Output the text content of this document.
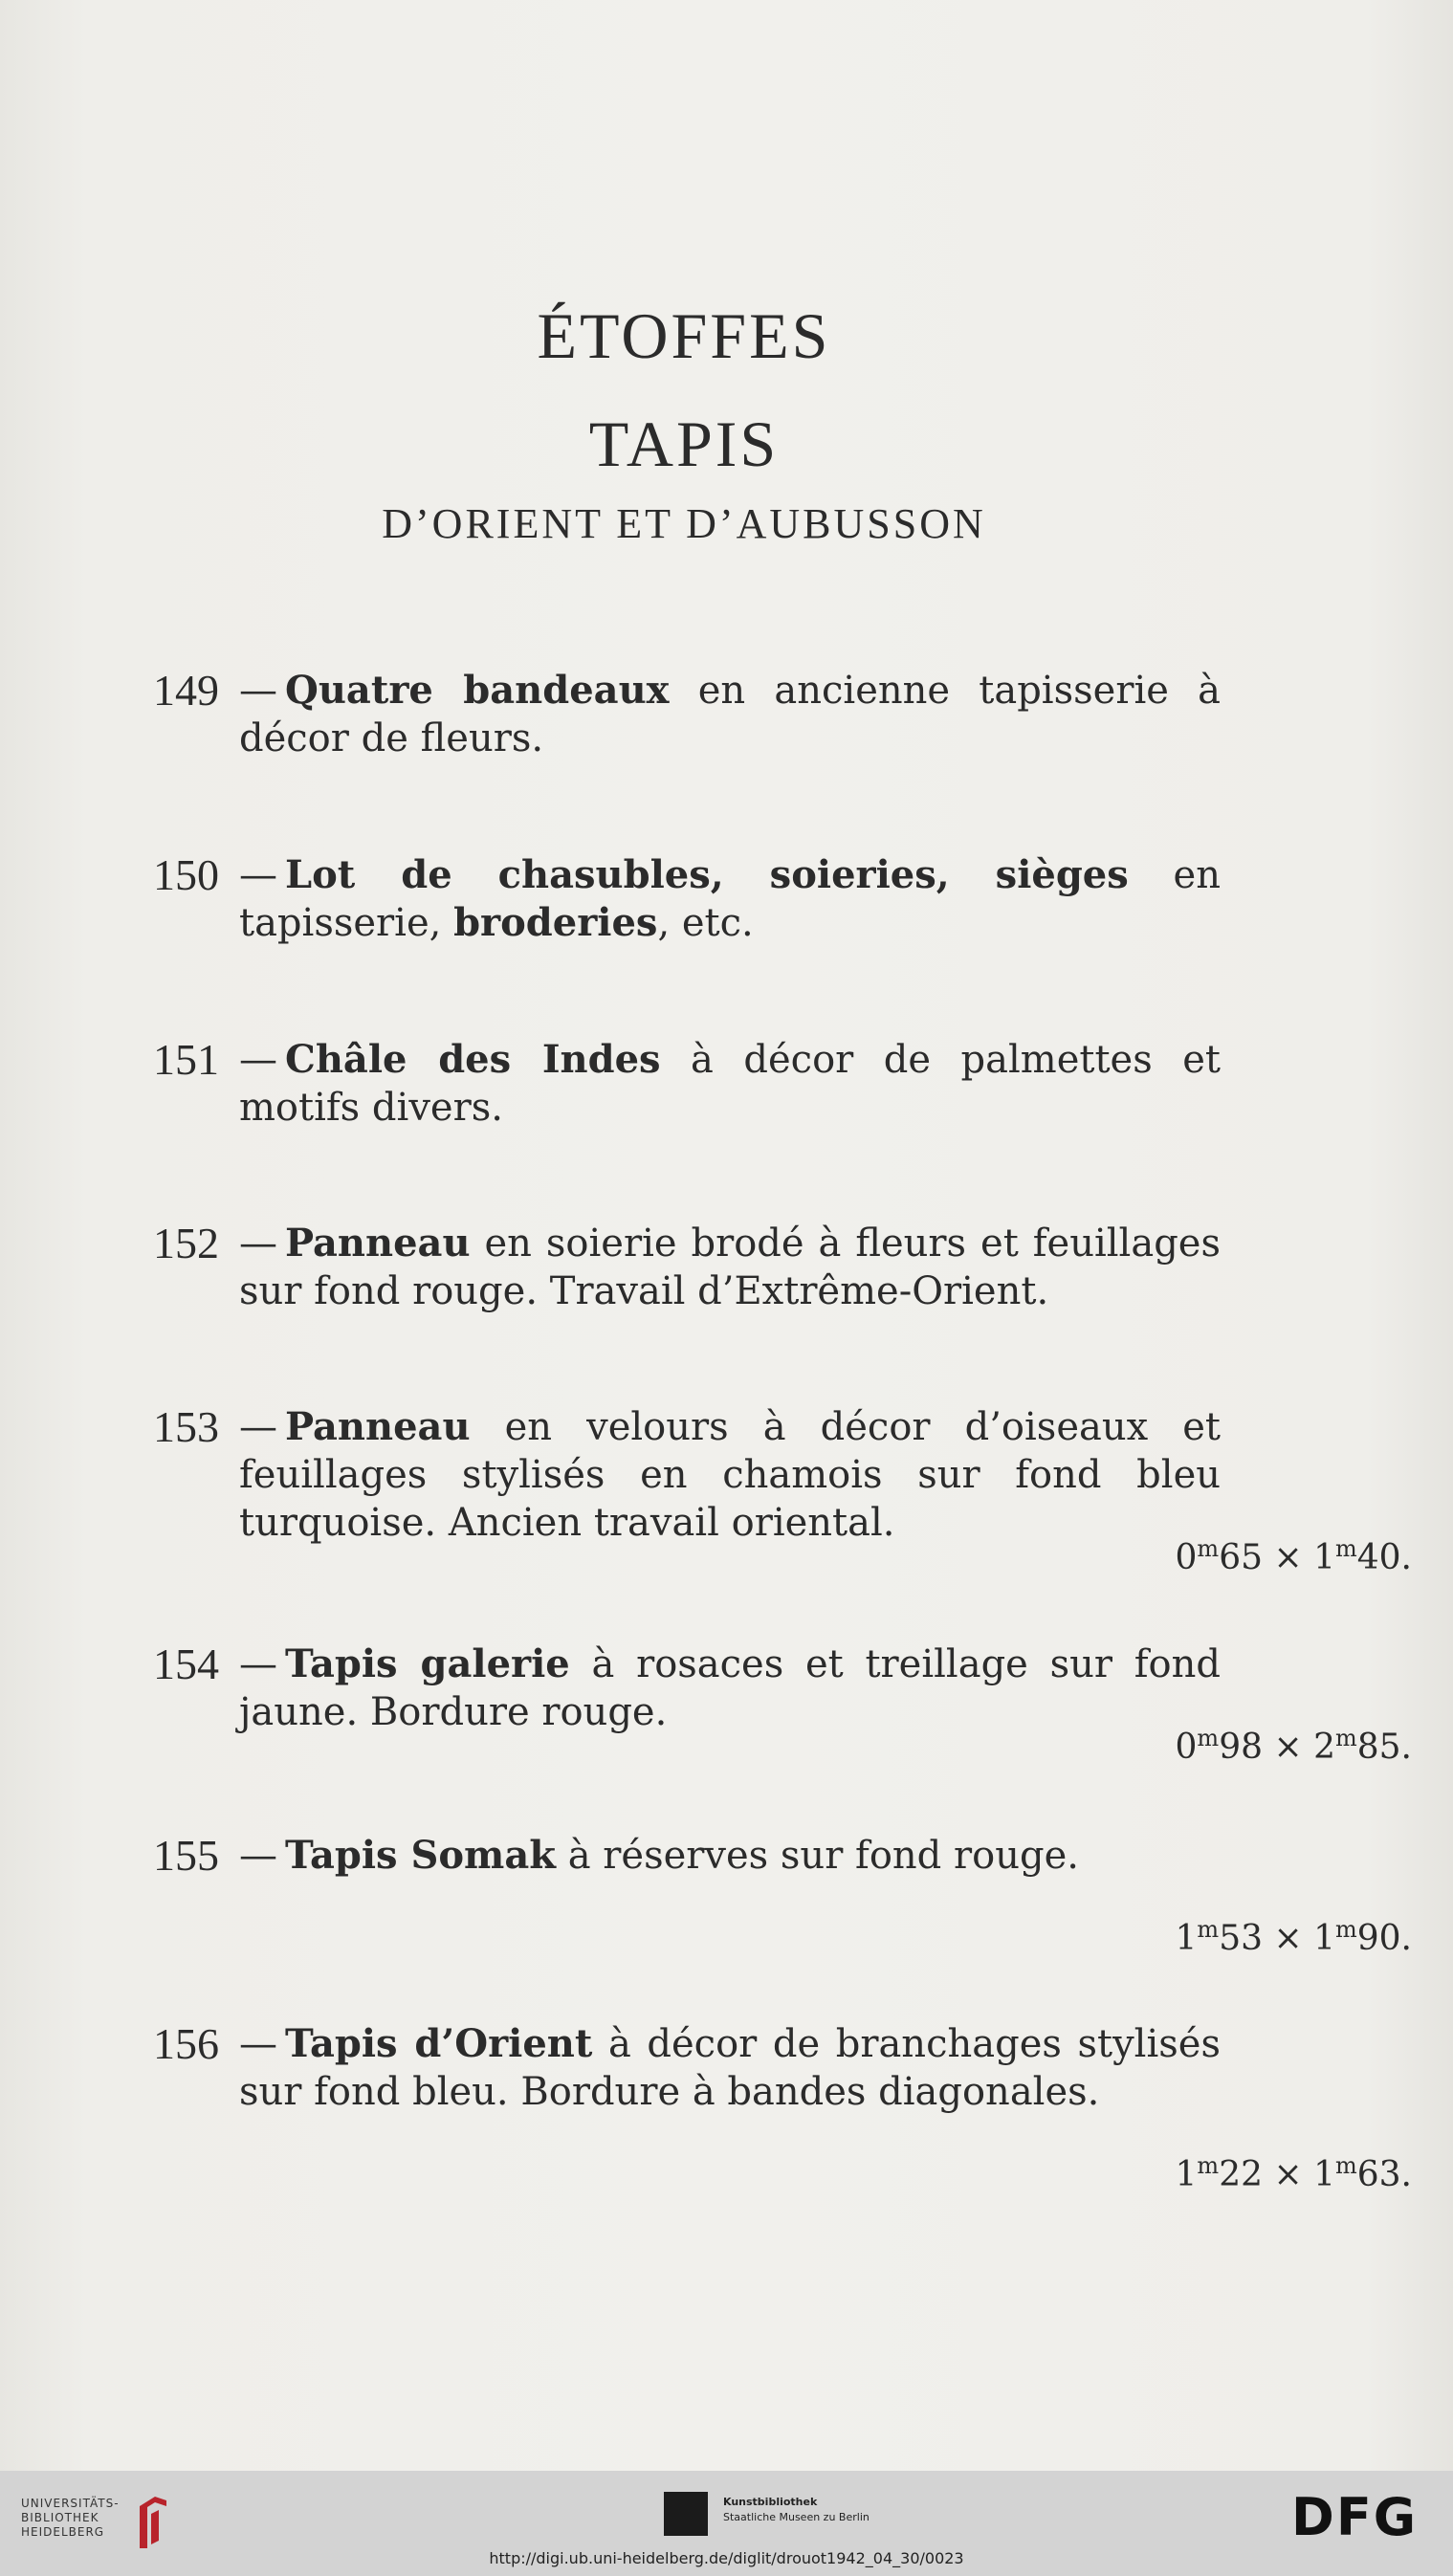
ÉTOFFES
TAPIS
D’ORIENT ET D’AUBUSSON
149 — Quatre bandeaux en ancienne tapisserie à décor de fleurs.
150 — Lot de chasubles, soieries, sièges en tapisserie, broderies, etc.
151 — Châle des Indes à décor de palmettes et motifs divers.
152 — Panneau en soierie brodé à fleurs et feuillages sur fond rouge. Travail d’Extrême-Orient.
153 — Panneau en velours à décor d’oiseaux et feuillages stylisés en chamois sur fond bleu turquoise. Ancien travail oriental.
$0^m65 \times 1^m40$.
154 — Tapis galerie à rosaces et treillage sur fond jaune. Bordure rouge.
$0^m98 \times 2^m85$.
155 — Tapis Somak à réserves sur fond rouge.
$1^m53 \times 1^m90$.
156 — Tapis d’Orient à décor de branchages stylisés sur fond bleu. Bordure à bandes diagonales.
$1^m22 \times 1^m63$.
UNIVERSITÄTS-
BIBLIOTHEK
HEIDELBERG
Kunstbibliothek
Staatliche Museen zu Berlin	DFG
http://digi.ub.uni-heidelberg.de/diglit/drouot1942_04_30/0023
